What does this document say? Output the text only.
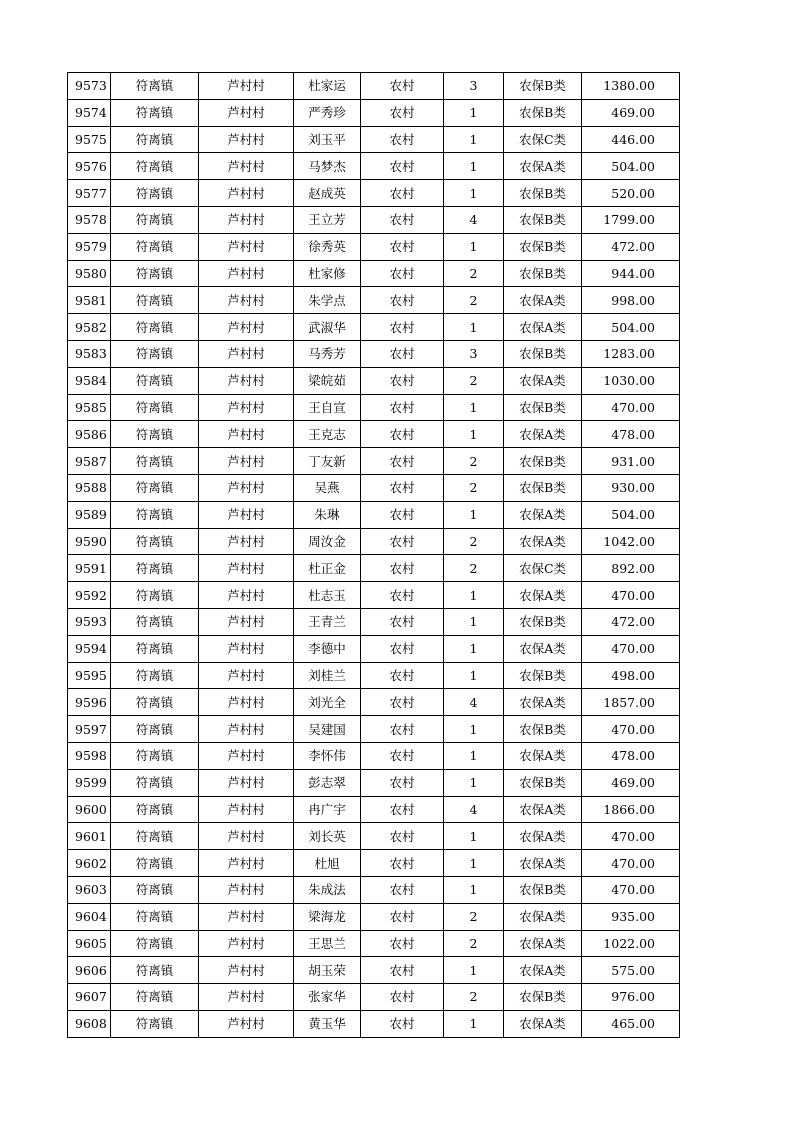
9573	符离镇	芦村村	杜家运	农村	3	农保B类	1380.00
9574	符离镇	芦村村	严秀珍	农村	1	农保B类	469.00
9575	符离镇	芦村村	刘玉平	农村	1	农保C类	446.00
9576	符离镇	芦村村	马梦杰	农村	1	农保A类	504.00
9577	符离镇	芦村村	赵成英	农村	1	农保B类	520.00
9578	符离镇	芦村村	王立芳	农村	4	农保B类	1799.00
9579	符离镇	芦村村	徐秀英	农村	1	农保B类	472.00
9580	符离镇	芦村村	杜家修	农村	2	农保B类	944.00
9581	符离镇	芦村村	朱学点	农村	2	农保A类	998.00
9582	符离镇	芦村村	武淑华	农村	1	农保A类	504.00
9583	符离镇	芦村村	马秀芳	农村	3	农保B类	1283.00
9584	符离镇	芦村村	梁皖茹	农村	2	农保A类	1030.00
9585	符离镇	芦村村	王自宣	农村	1	农保B类	470.00
9586	符离镇	芦村村	王克志	农村	1	农保A类	478.00
9587	符离镇	芦村村	丁友新	农村	2	农保B类	931.00
9588	符离镇	芦村村	吴燕	农村	2	农保B类	930.00
9589	符离镇	芦村村	朱琳	农村	1	农保A类	504.00
9590	符离镇	芦村村	周汝金	农村	2	农保A类	1042.00
9591	符离镇	芦村村	杜正金	农村	2	农保C类	892.00
9592	符离镇	芦村村	杜志玉	农村	1	农保A类	470.00
9593	符离镇	芦村村	王青兰	农村	1	农保B类	472.00
9594	符离镇	芦村村	李德中	农村	1	农保A类	470.00
9595	符离镇	芦村村	刘桂兰	农村	1	农保B类	498.00
9596	符离镇	芦村村	刘光全	农村	4	农保A类	1857.00
9597	符离镇	芦村村	吴建国	农村	1	农保B类	470.00
9598	符离镇	芦村村	李怀伟	农村	1	农保A类	478.00
9599	符离镇	芦村村	彭志翠	农村	1	农保B类	469.00
9600	符离镇	芦村村	冉广宇	农村	4	农保A类	1866.00
9601	符离镇	芦村村	刘长英	农村	1	农保A类	470.00
9602	符离镇	芦村村	杜旭	农村	1	农保A类	470.00
9603	符离镇	芦村村	朱成法	农村	1	农保B类	470.00
9604	符离镇	芦村村	梁海龙	农村	2	农保A类	935.00
9605	符离镇	芦村村	王思兰	农村	2	农保A类	1022.00
9606	符离镇	芦村村	胡玉荣	农村	1	农保A类	575.00
9607	符离镇	芦村村	张家华	农村	2	农保B类	976.00
9608	符离镇	芦村村	黄玉华	农村	1	农保A类	465.00
